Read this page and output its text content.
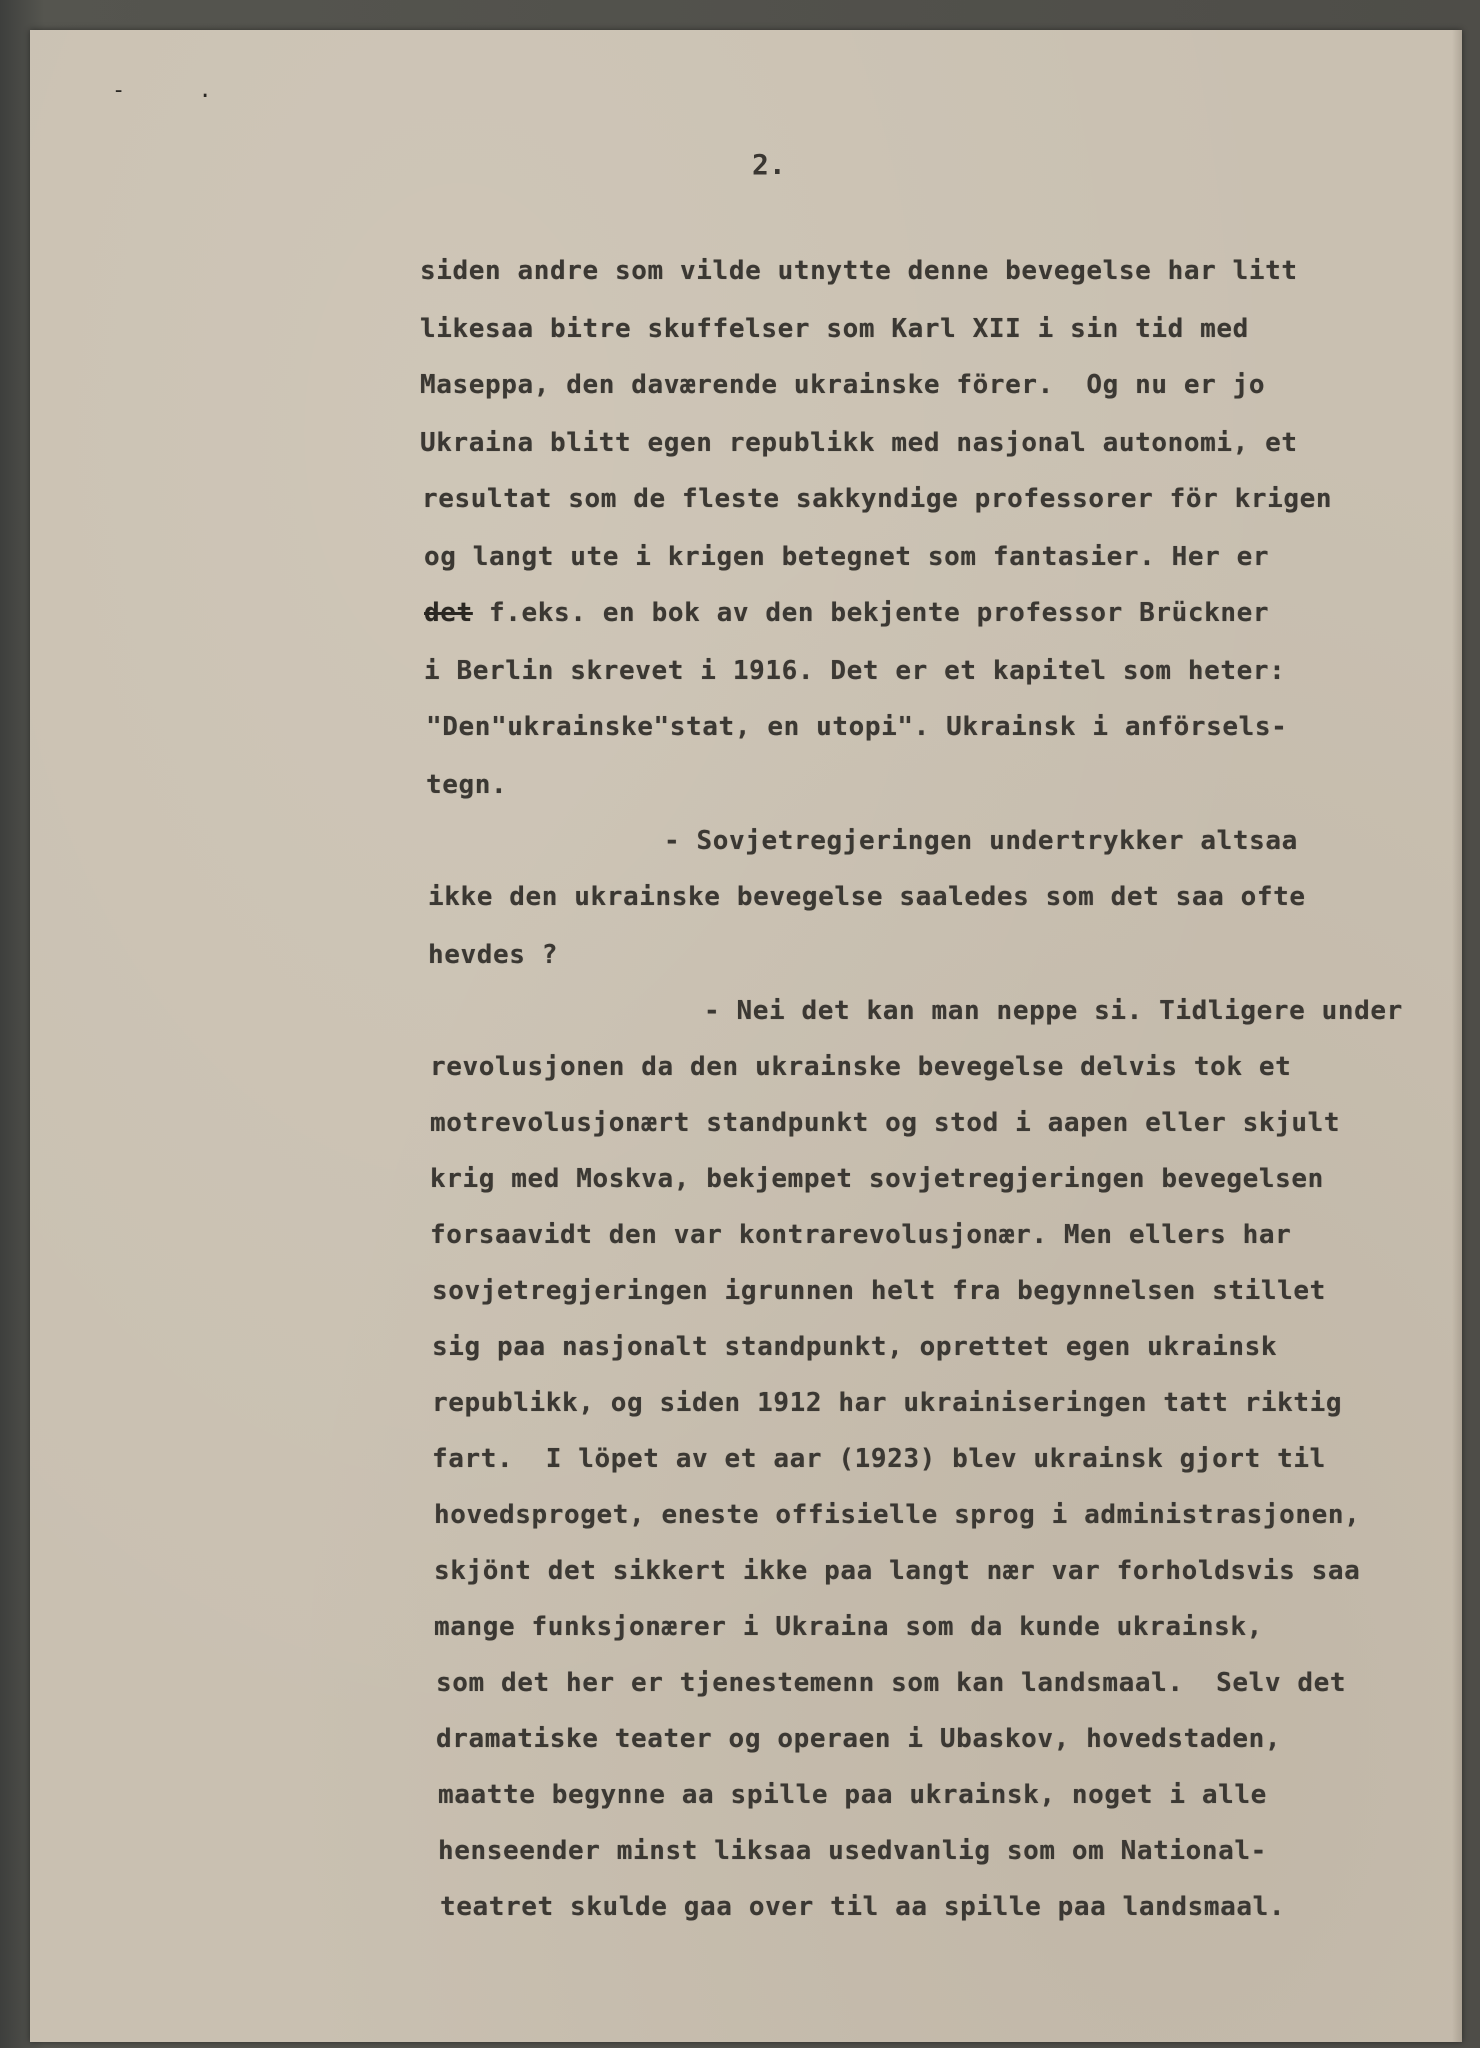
- .
2.
siden andre som vilde utnytte denne bevegelse har litt
likesaa bitre skuffelser som Karl XII i sin tid med
Maseppa, den daværende ukrainske förer.  Og nu er jo
Ukraina blitt egen republikk med nasjonal autonomi, et
resultat som de fleste sakkyndige professorer för krigen
og langt ute i krigen betegnet som fantasier. Her er
det f.eks. en bok av den bekjente professor Brückner
i Berlin skrevet i 1916. Det er et kapitel som heter:
"Den"ukrainske"stat, en utopi". Ukrainsk i anförsels-
tegn.
- Sovjetregjeringen undertrykker altsaa
ikke den ukrainske bevegelse saaledes som det saa ofte
hevdes ?
- Nei det kan man neppe si. Tidligere under
revolusjonen da den ukrainske bevegelse delvis tok et
motrevolusjonært standpunkt og stod i aapen eller skjult
krig med Moskva, bekjempet sovjetregjeringen bevegelsen
forsaavidt den var kontrarevolusjonær. Men ellers har
sovjetregjeringen igrunnen helt fra begynnelsen stillet
sig paa nasjonalt standpunkt, oprettet egen ukrainsk
republikk, og siden 1912 har ukrainiseringen tatt riktig
fart.  I löpet av et aar (1923) blev ukrainsk gjort til
hovedsproget, eneste offisielle sprog i administrasjonen,
skjönt det sikkert ikke paa langt nær var forholdsvis saa
mange funksjonærer i Ukraina som da kunde ukrainsk,
som det her er tjenestemenn som kan landsmaal.  Selv det
dramatiske teater og operaen i Ubaskov, hovedstaden,
maatte begynne aa spille paa ukrainsk, noget i alle
henseender minst liksaa usedvanlig som om National-
teatret skulde gaa over til aa spille paa landsmaal.
